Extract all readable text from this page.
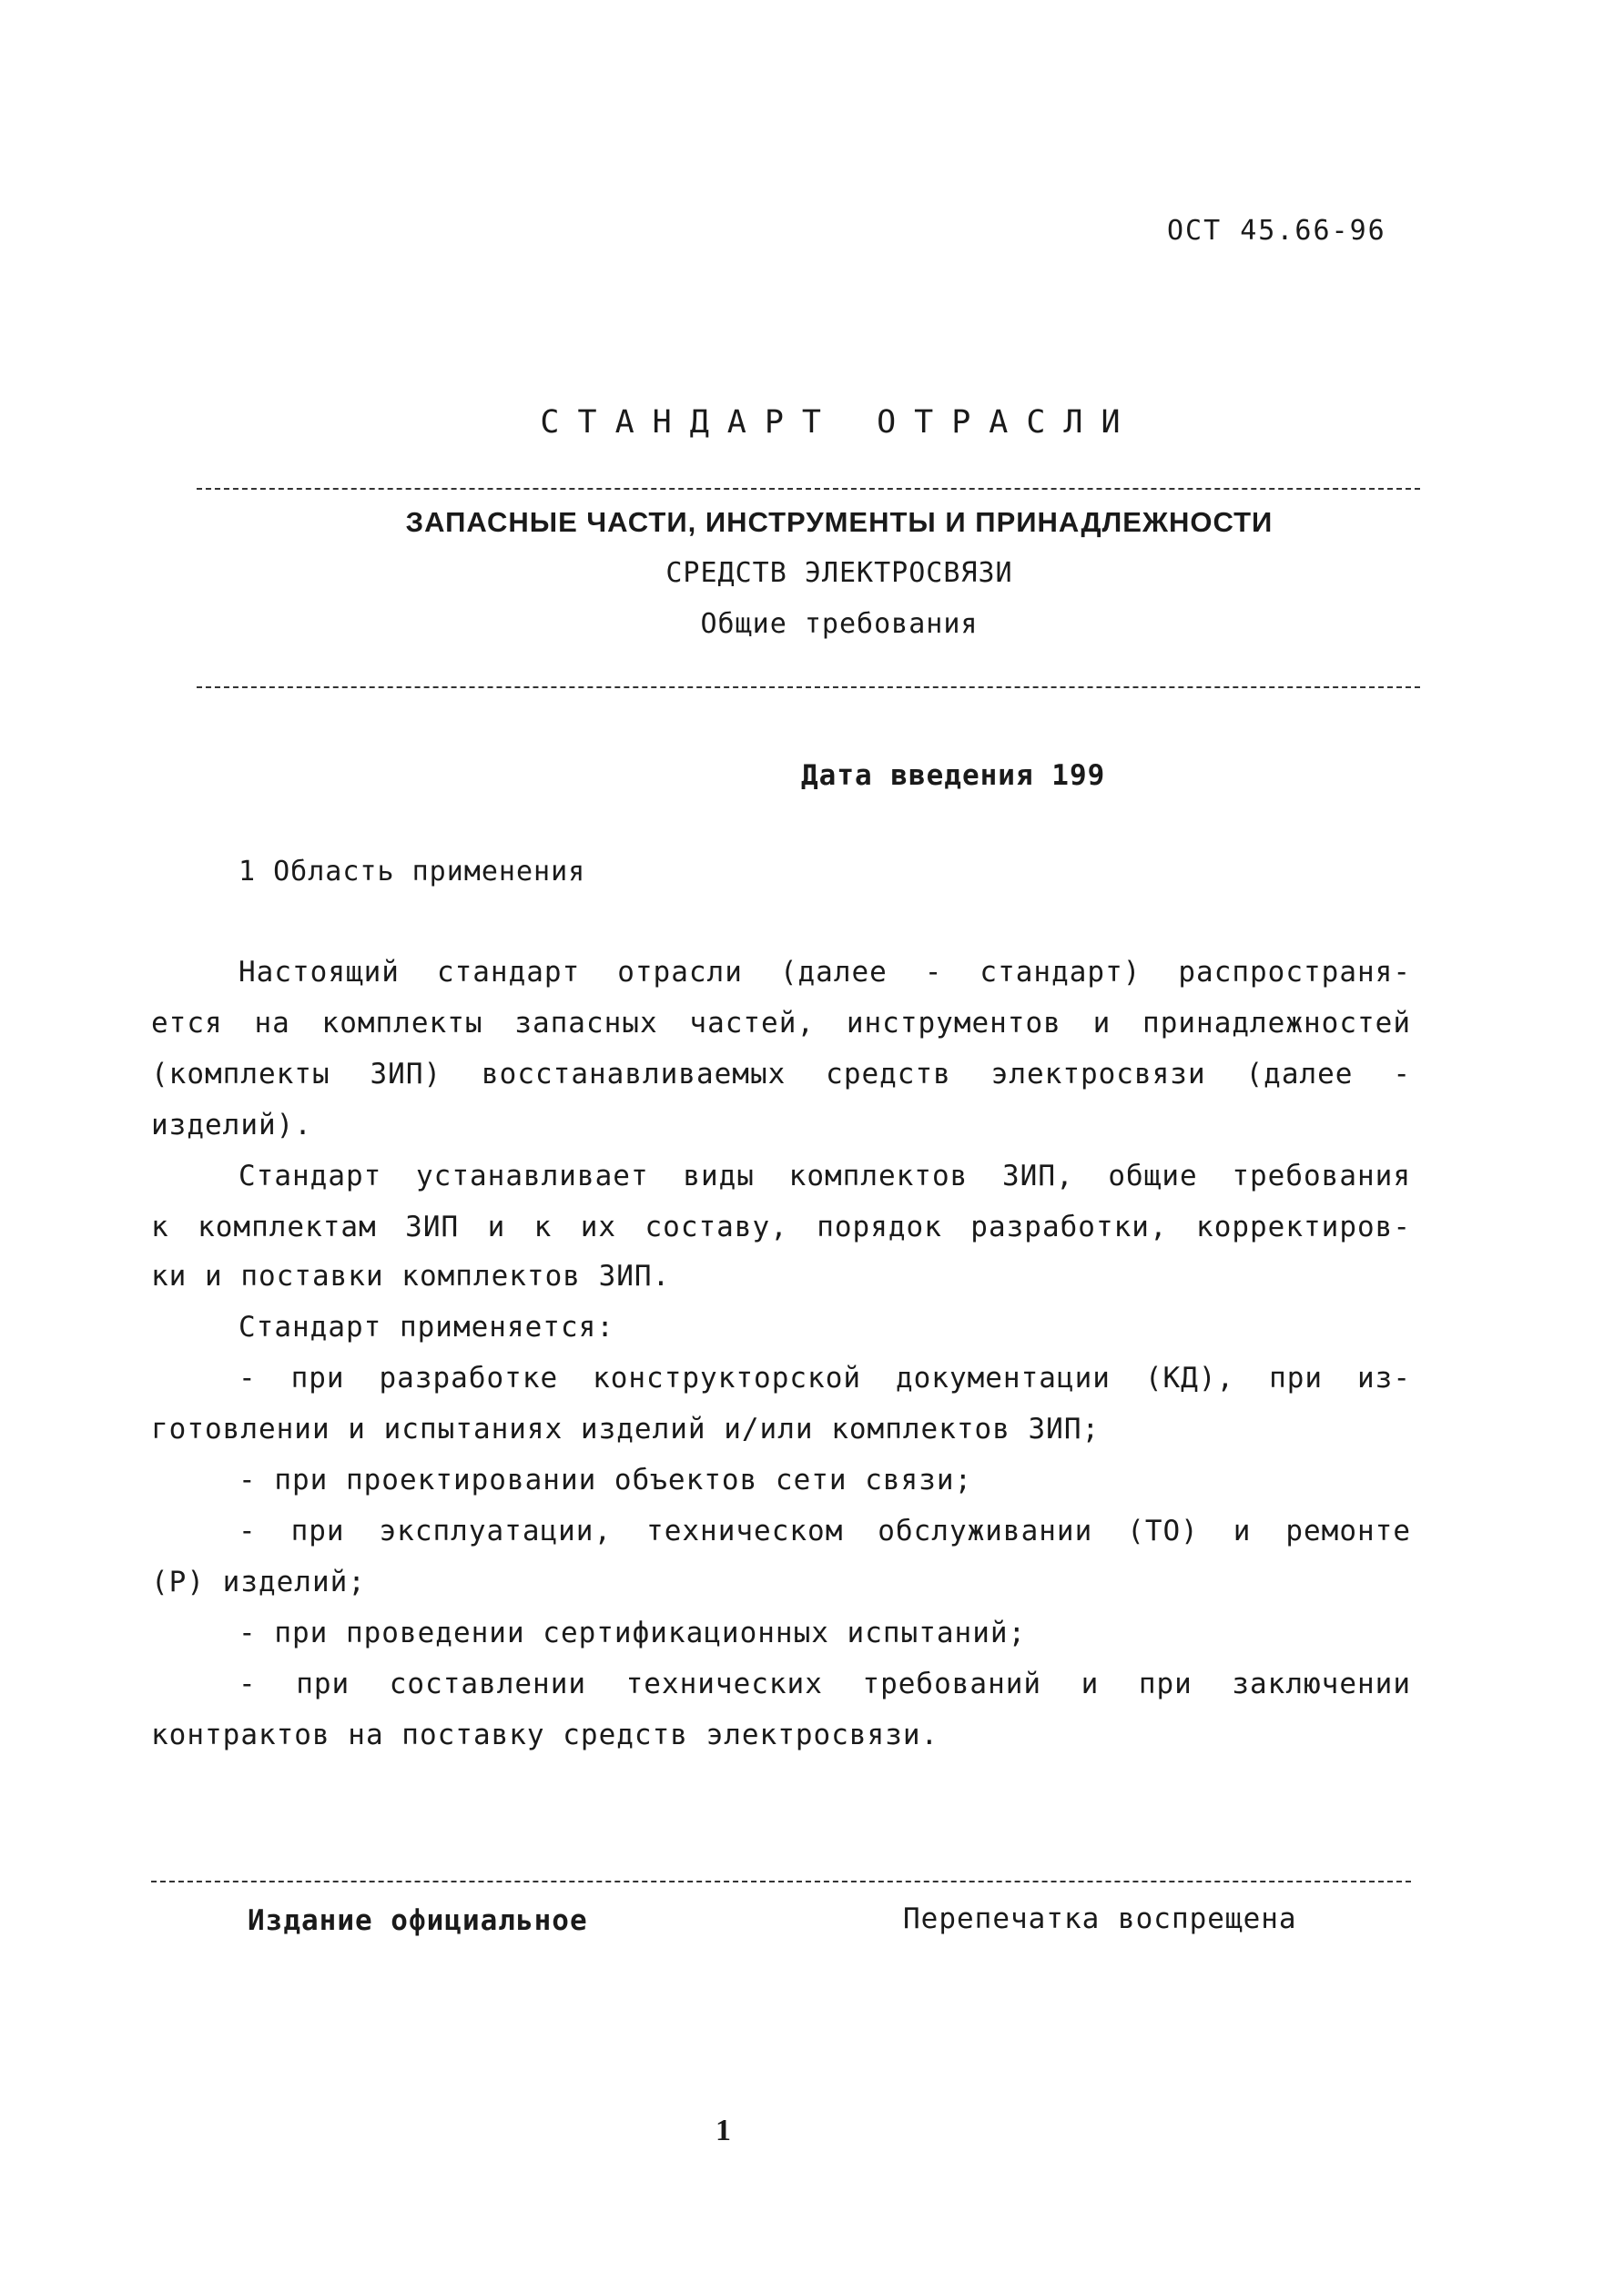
ОСТ 45.66-96
СТАНДАРТ ОТРАСЛИ
ЗАПАСНЫЕ ЧАСТИ, ИНСТРУМЕНТЫ И ПРИНАДЛЕЖНОСТИ
СРЕДСТВ ЭЛЕКТРОСВЯЗИ
Общие требования
Дата введения 199
1 Область применения
Настоящий стандарт отрасли (далее - стандарт) распространя-
ется на комплекты запасных частей, инструментов и принадлежностей
(комплекты ЗИП) восстанавливаемых средств электросвязи (далее -
изделий).
Стандарт устанавливает виды комплектов ЗИП, общие требования
к комплектам ЗИП и к их составу, порядок разработки, корректиров-
ки и поставки комплектов ЗИП.
Стандарт применяется:
- при разработке конструкторской документации (КД), при из-
готовлении и испытаниях изделий и/или комплектов ЗИП;
- при проектировании объектов сети связи;
- при эксплуатации, техническом обслуживании (ТО) и ремонте
(Р) изделий;
- при проведении сертификационных испытаний;
- при составлении технических требований и при заключении
контрактов на поставку средств электросвязи.
Издание официальное	Перепечатка воспрещена
1
